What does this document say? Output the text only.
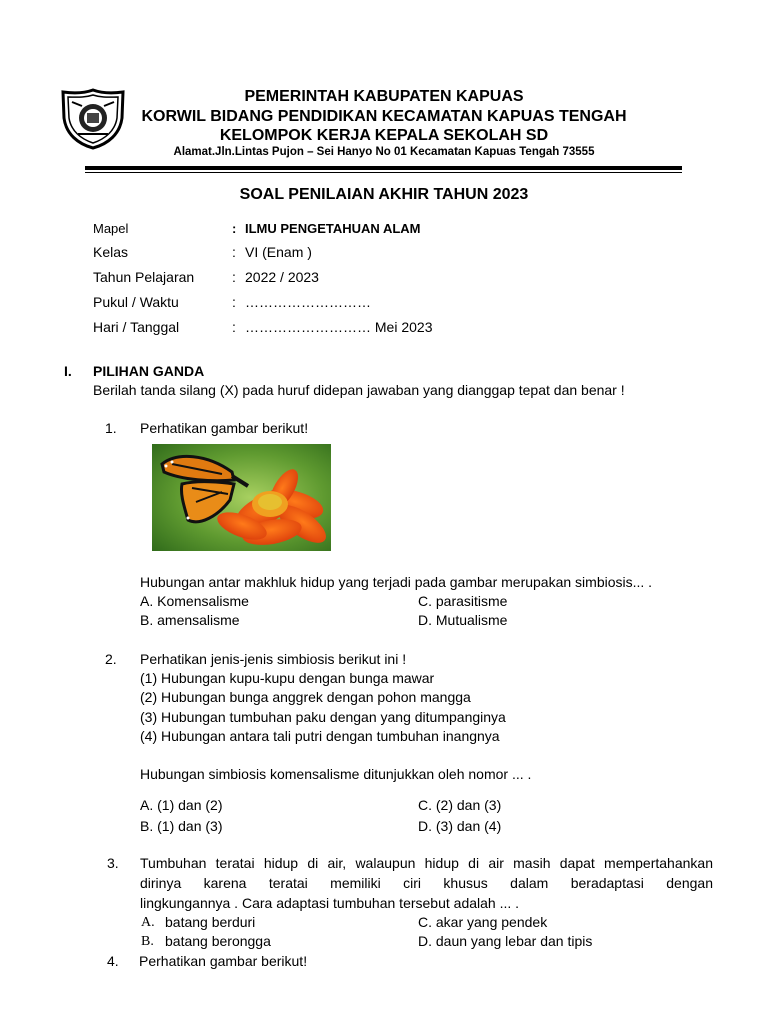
PEMERINTAH KABUPATEN KAPUAS
KORWIL BIDANG PENDIDIKAN KECAMATAN KAPUAS TENGAH
KELOMPOK KERJA KEPALA SEKOLAH SD
Alamat.Jln.Lintas Pujon – Sei Hanyo No 01 Kecamatan Kapuas Tengah 73555
SOAL PENILAIAN AKHIR TAHUN 2023
Mapel	: ILMU PENGETAHUAN ALAM
Kelas	: VI (Enam )
Tahun Pelajaran	: 2022 / 2023
Pukul / Waktu	: ………………………
Hari / Tanggal	: ……………………… Mei 2023
I. PILIHAN GANDA
Berilah tanda silang (X) pada huruf didepan jawaban yang dianggap tepat dan benar !
1. Perhatikan gambar berikut!
Hubungan antar makhluk hidup yang terjadi pada gambar merupakan simbiosis... .
A. Komensalisme	C. parasitisme
B. amensalisme	D. Mutualisme
2. Perhatikan jenis-jenis simbiosis berikut ini !
(1) Hubungan kupu-kupu dengan bunga mawar
(2) Hubungan bunga anggrek dengan pohon mangga
(3) Hubungan tumbuhan paku dengan yang ditumpanginya
(4) Hubungan antara tali putri dengan tumbuhan inangnya
Hubungan simbiosis komensalisme ditunjukkan oleh nomor ... .
A. (1) dan (2)	C. (2) dan (3)
B. (1) dan (3)	D. (3) dan (4)
3. Tumbuhan teratai hidup di air, walaupun hidup di air masih dapat mempertahankan
dirinya karena teratai memiliki ciri khusus dalam beradaptasi dengan
lingkungannya . Cara adaptasi tumbuhan tersebut adalah ... .
A. batang berduri	C. akar yang pendek
B. batang berongga	D. daun yang lebar dan tipis
4. Perhatikan gambar berikut!
